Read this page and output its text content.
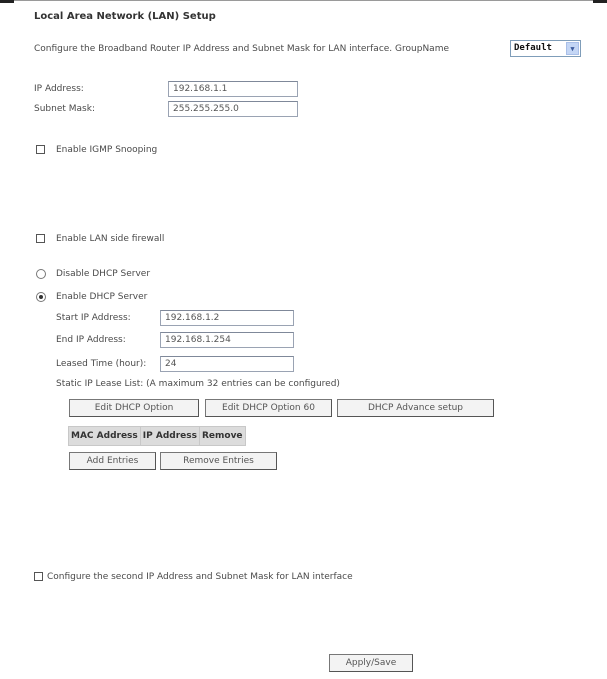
Local Area Network (LAN) Setup
Configure the Broadband Router IP Address and Subnet Mask for LAN interface. GroupName	Default	▼
IP Address:	192.168.1.1
Subnet Mask:	255.255.255.0
Enable IGMP Snooping
Enable LAN side firewall
Disable DHCP Server
Enable DHCP Server
Start IP Address:	192.168.1.2
End IP Address:	192.168.1.254
Leased Time (hour):	24
Static IP Lease List: (A maximum 32 entries can be configured)
Edit DHCP Option	Edit DHCP Option 60	DHCP Advance setup
MAC Address	IP Address	Remove
Add Entries	Remove Entries
Configure the second IP Address and Subnet Mask for LAN interface
Apply/Save
